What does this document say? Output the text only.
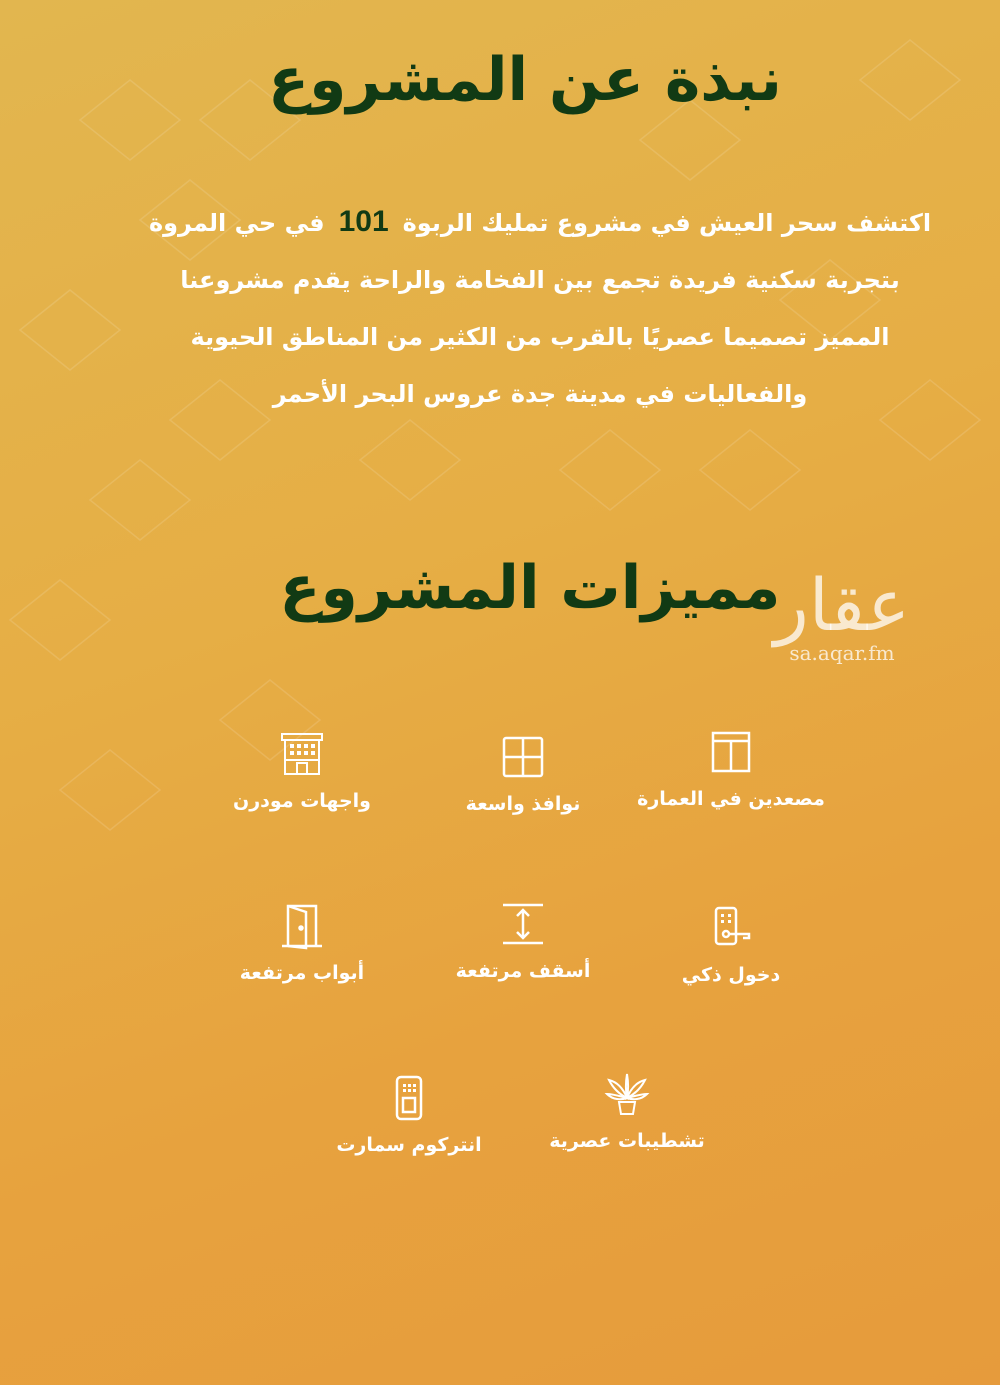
نبذة عن المشروع
اكتشف سحر العيش في مشروع تمليك الربوة101في حي المروة
بتجربة سكنية فريدة تجمع بين الفخامة والراحة يقدم مشروعنا
المميز تصميما عصريًا بالقرب من الكثير من المناطق الحيوية
والفعاليات في مدينة جدة عروس البحر الأحمر
مميزات المشروع
عقار
sa.aqar.fm
مصعدين في العمارة
نوافذ واسعة
واجهات مودرن
دخول ذكي
أسقف مرتفعة
أبواب مرتفعة
تشطيبات عصرية
انتركوم سمارت
